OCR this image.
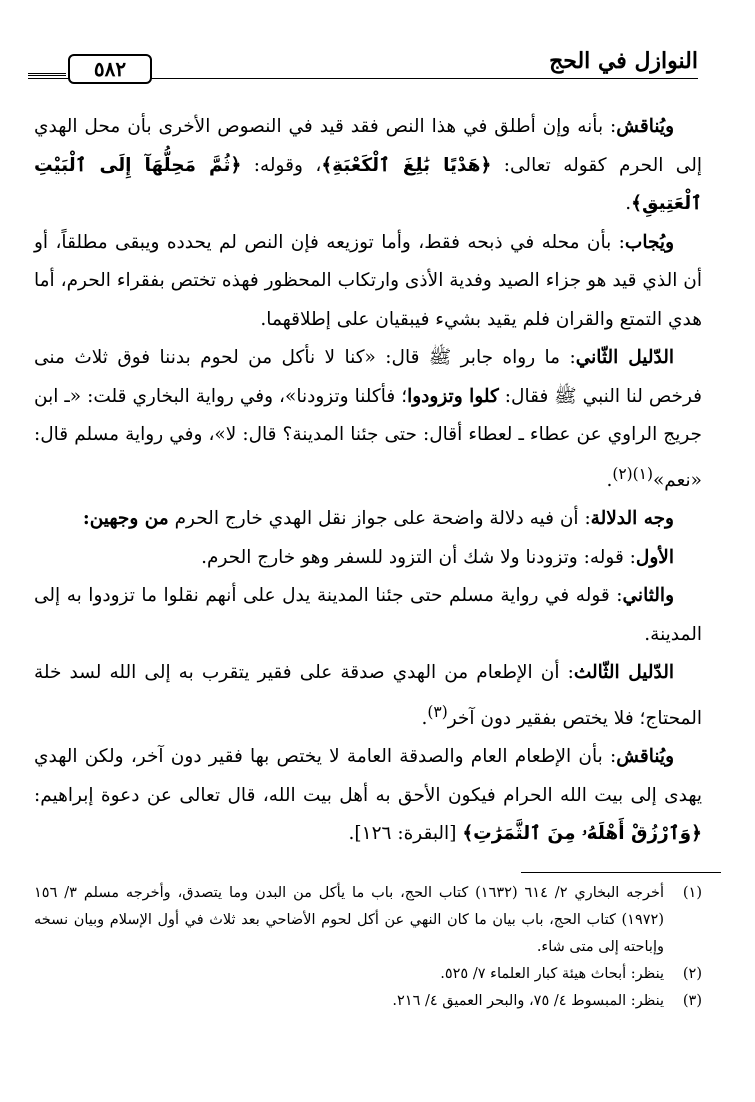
النوازل في الحج
٥٨٢

ويُناقش: بأنه وإن أطلق في هذا النص فقد قيد في النصوص الأخرى بأن محل الهدي إلى الحرم كقوله تعالى: ﴿هَدْيًا بَٰلِغَ ٱلْكَعْبَةِ﴾، وقوله: ﴿ثُمَّ مَحِلُّهَآ إِلَى ٱلْبَيْتِ ٱلْعَتِيقِ﴾.

ويُجاب: بأن محله في ذبحه فقط، وأما توزيعه فإن النص لم يحدده ويبقى مطلقاً، أو أن الذي قيد هو جزاء الصيد وفدية الأذى وارتكاب المحظور فهذه تختص بفقراء الحرم، أما هدي التمتع والقران فلم يقيد بشيء فيبقيان على إطلاقهما.

الدّليل الثّاني: ما رواه جابر ﷺ قال: «كنا لا نأكل من لحوم بدننا فوق ثلاث منى فرخص لنا النبي ﷺ فقال: كلوا وتزودوا؛ فأكلنا وتزودنا»، وفي رواية البخاري قلت: «ـ ابن جريج الراوي عن عطاء ـ لعطاء أقال: حتى جئنا المدينة؟ قال: لا»، وفي رواية مسلم قال: «نعم»$^{(١)(٢)}$.

وجه الدلالة: أن فيه دلالة واضحة على جواز نقل الهدي خارج الحرم من وجهين:

الأول: قوله: وتزودنا ولا شك أن التزود للسفر وهو خارج الحرم.

والثاني: قوله في رواية مسلم حتى جئنا المدينة يدل على أنهم نقلوا ما تزودوا به إلى المدينة.

الدّليل الثّالث: أن الإطعام من الهدي صدقة على فقير يتقرب به إلى الله لسد خلة المحتاج؛ فلا يختص بفقير دون آخر$^{(٣)}$.

ويُناقش: بأن الإطعام العام والصدقة العامة لا يختص بها فقير دون آخر، ولكن الهدي يهدى إلى بيت الله الحرام فيكون الأحق به أهل بيت الله، قال تعالى عن دعوة إبراهيم: ﴿وَٱرْزُقْ أَهْلَهُۥ مِنَ ٱلثَّمَرَٰتِ﴾ [البقرة: ١٢٦].

(١)
أخرجه البخاري ٢/ ٦١٤ (١٦٣٢) كتاب الحج، باب ما يأكل من البدن وما يتصدق، وأخرجه مسلم ٣/ ١٥٦ (١٩٧٢) كتاب الحج، باب بيان ما كان النهي عن أكل لحوم الأضاحي بعد ثلاث في أول الإسلام وبيان نسخه وإباحته إلى متى شاء.
(٢)
ينظر: أبحاث هيئة كبار العلماء ٧/ ٥٢٥.
(٣)
ينظر: المبسوط ٤/ ٧٥، والبحر العميق ٤/ ٢١٦.
